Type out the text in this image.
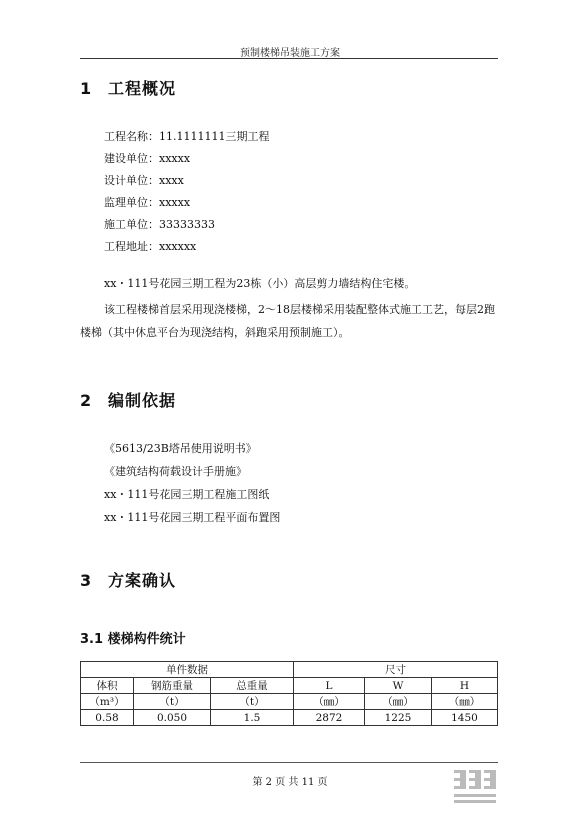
预制楼梯吊装施工方案
1 工程概况
工程名称：11.1111111三期工程
建设单位：xxxxx
设计单位：xxxx
监理单位：xxxxx
施工单位：33333333
工程地址：xxxxxx
xx・111号花园三期工程为23栋（小）高层剪力墙结构住宅楼。
该工程楼梯首层采用现浇楼梯，2～18层楼梯采用装配整体式施工工艺，每层2跑楼梯（其中休息平台为现浇结构，斜跑采用预制施工）。
2 编制依据
《5613/23B塔吊使用说明书》
《建筑结构荷载设计手册施》
xx・111号花园三期工程施工图纸
xx・111号花园三期工程平面布置图
3 方案确认
3.1 楼梯构件统计
单件数据			尺寸		
体积	钢筋重量	总重量	L	W	H
（m³）	（t）	（t）	（㎜）	（㎜）	（㎜）
0.58	0.050	1.5	2872	1225	1450
第 2 页 共 11 页
